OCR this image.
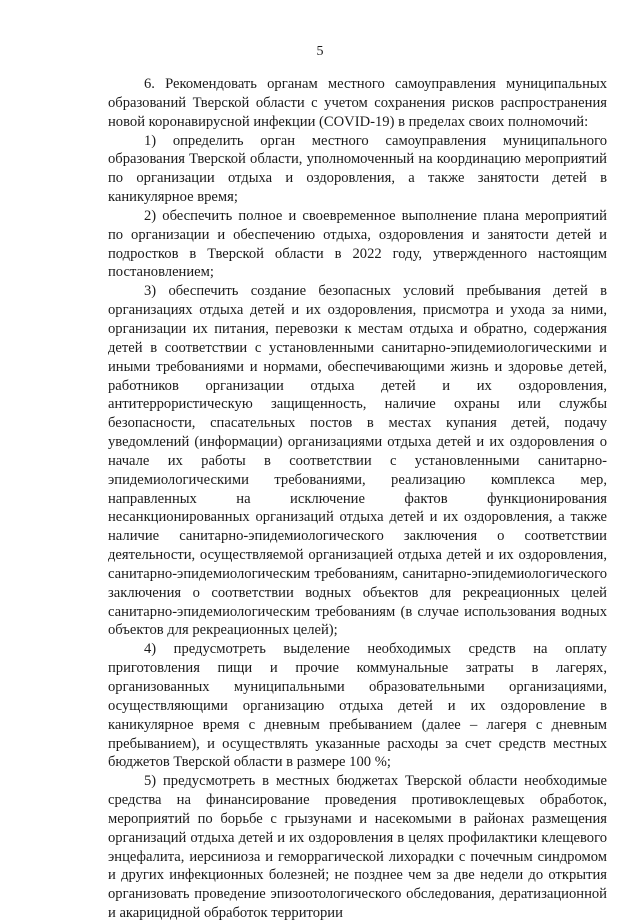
5

6. Рекомендовать органам местного самоуправления муниципальных образований Тверской области с учетом сохранения рисков распространения новой коронавирусной инфекции (COVID-19) в пределах своих полномочий:

1) определить орган местного самоуправления муниципального образования Тверской области, уполномоченный на координацию мероприятий по организации отдыха и оздоровления, а также занятости детей в каникулярное время;

2) обеспечить полное и своевременное выполнение плана мероприятий по организации и обеспечению отдыха, оздоровления и занятости детей и подростков в Тверской области в 2022 году, утвержденного настоящим постановлением;

3) обеспечить создание безопасных условий пребывания детей в организациях отдыха детей и их оздоровления, присмотра и ухода за ними, организации их питания, перевозки к местам отдыха и обратно, содержания детей в соответствии с установленными санитарно-эпидемиологическими и иными требованиями и нормами, обеспечивающими жизнь и здоровье детей, работников организации отдыха детей и их оздоровления, антитеррористическую защищенность, наличие охраны или службы безопасности, спасательных постов в местах купания детей, подачу уведомлений (информации) организациями отдыха детей и их оздоровления о начале их работы в соответствии с установленными санитарно-эпидемиологическими требованиями, реализацию комплекса мер, направленных на исключение фактов функционирования несанкционированных организаций отдыха детей и их оздоровления, а также наличие санитарно-эпидемиологического заключения о соответствии деятельности, осуществляемой организацией отдыха детей и их оздоровления, санитарно-эпидемиологическим требованиям, санитарно-эпидемиологического заключения о соответствии водных объектов для рекреационных целей санитарно-эпидемиологическим требованиям (в случае использования водных объектов для рекреационных целей);

4) предусмотреть выделение необходимых средств на оплату приготовления пищи и прочие коммунальные затраты в лагерях, организованных муниципальными образовательными организациями, осуществляющими организацию отдыха детей и их оздоровление в каникулярное время с дневным пребыванием (далее – лагеря с дневным пребыванием), и осуществлять указанные расходы за счет средств местных бюджетов Тверской области в размере 100 %;

5) предусмотреть в местных бюджетах Тверской области необходимые средства на финансирование проведения противоклещевых обработок, мероприятий по борьбе с грызунами и насекомыми в районах размещения организаций отдыха детей и их оздоровления в целях профилактики клещевого энцефалита, иерсиниоза и геморрагической лихорадки с почечным синдромом и других инфекционных болезней; не позднее чем за две недели до открытия организовать проведение эпизоотологического обследования, дератизационной и акарицидной обработок территории
